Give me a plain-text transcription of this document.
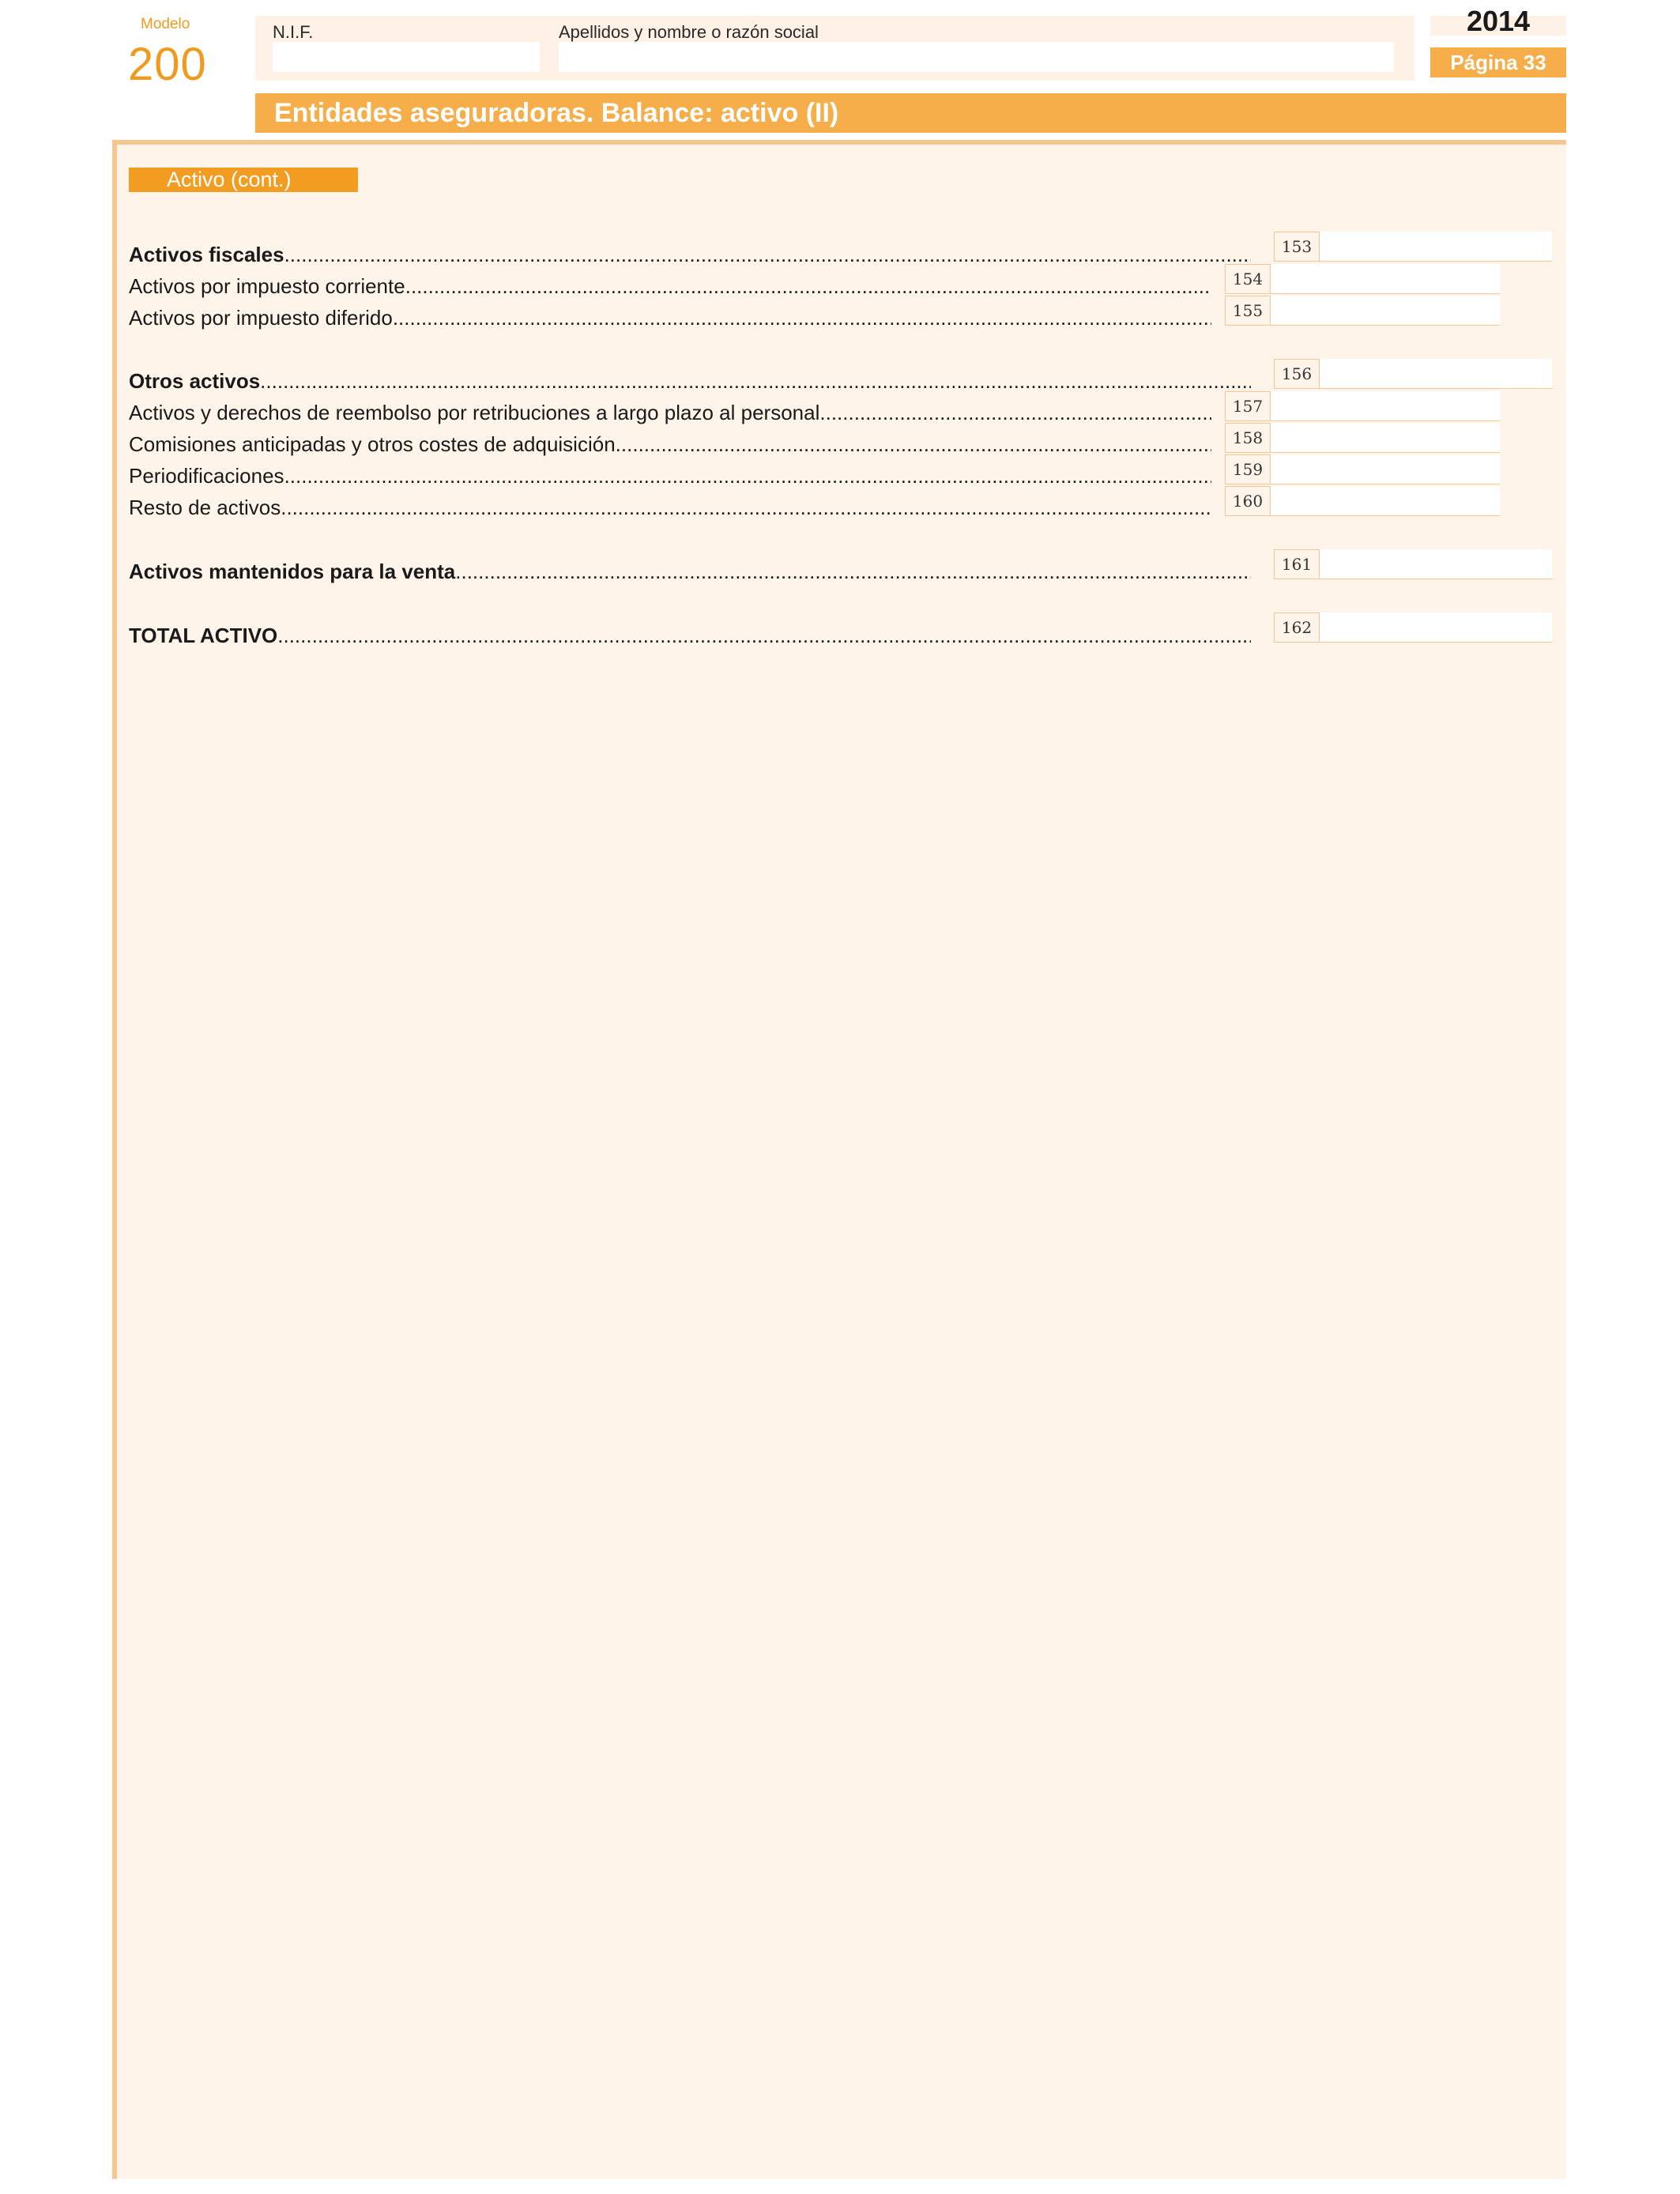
Modelo
200
N.I.F.	Apellidos y nombre o razón social	2014
Página 33
Entidades aseguradoras. Balance: activo (II)
Activo (cont.)
Activos fiscales .....	153
Activos por impuesto corriente .....	154
Activos por impuesto diferido .....	155
Otros activos .....	156
Activos y derechos de reembolso por retribuciones a largo plazo al personal .....	157
Comisiones anticipadas y otros costes de adquisición .....	158
Periodificaciones .....	159
Resto de activos .....	160
Activos mantenidos para la venta .....	161
TOTAL ACTIVO .....	162
